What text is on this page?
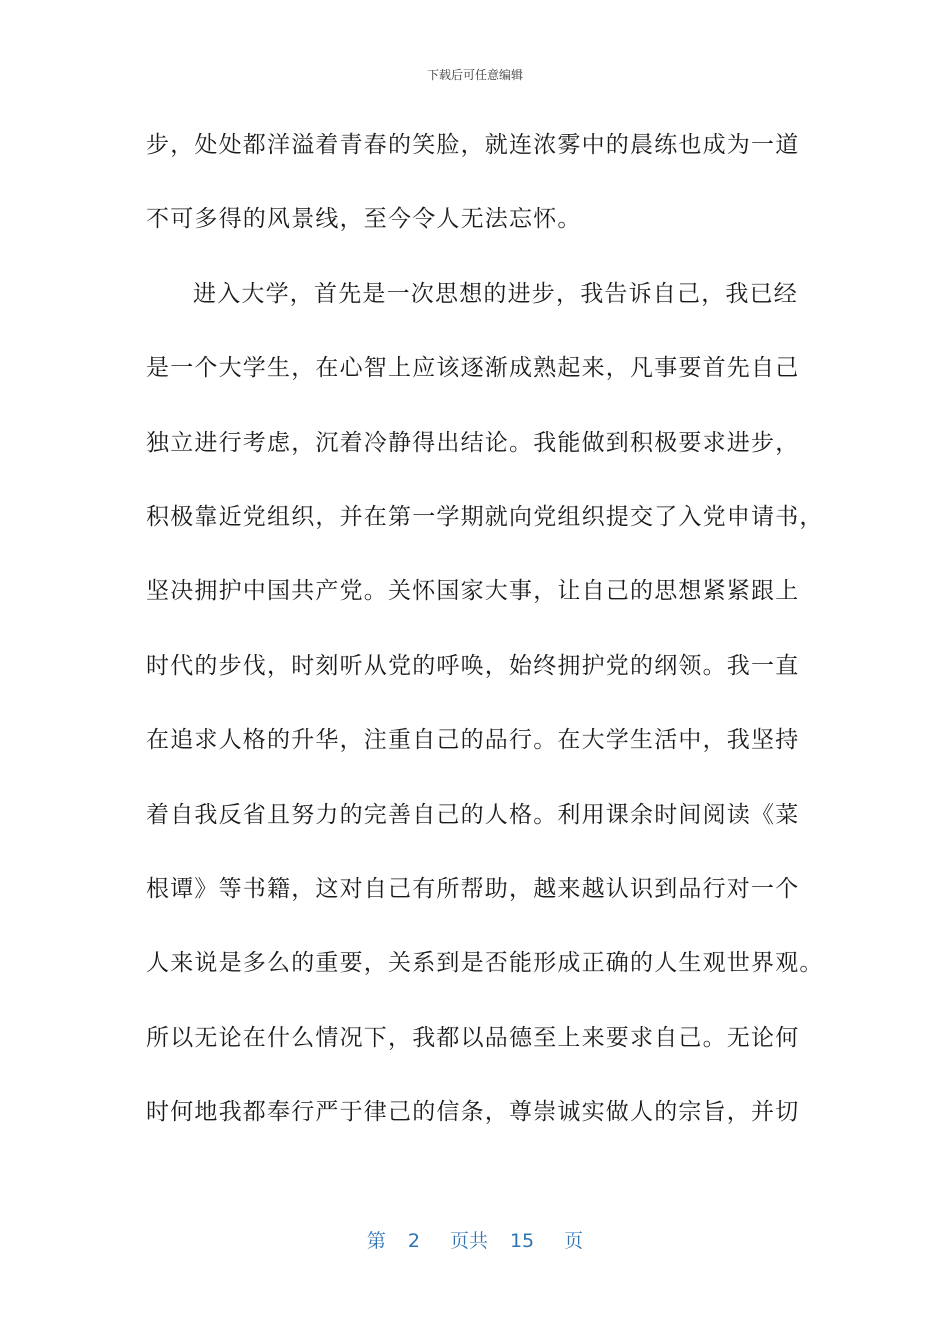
下载后可任意编辑
步，处处都洋溢着青春的笑脸，就连浓雾中的晨练也成为一道
不可多得的风景线，至今令人无法忘怀。
进入大学，首先是一次思想的进步，我告诉自己，我已经
是一个大学生，在心智上应该逐渐成熟起来，凡事要首先自己
独立进行考虑，沉着冷静得出结论。我能做到积极要求进步，
积极靠近党组织，并在第一学期就向党组织提交了入党申请书，
坚决拥护中国共产党。关怀国家大事，让自己的思想紧紧跟上
时代的步伐，时刻听从党的呼唤，始终拥护党的纲领。我一直
在追求人格的升华，注重自己的品行。在大学生活中，我坚持
着自我反省且努力的完善自己的人格。利用课余时间阅读《菜
根谭》等书籍，这对自己有所帮助，越来越认识到品行对一个
人来说是多么的重要，关系到是否能形成正确的人生观世界观。
所以无论在什么情况下，我都以品德至上来要求自己。无论何
时何地我都奉行严于律己的信条，尊崇诚实做人的宗旨，并切
第 2 页共 15 页
